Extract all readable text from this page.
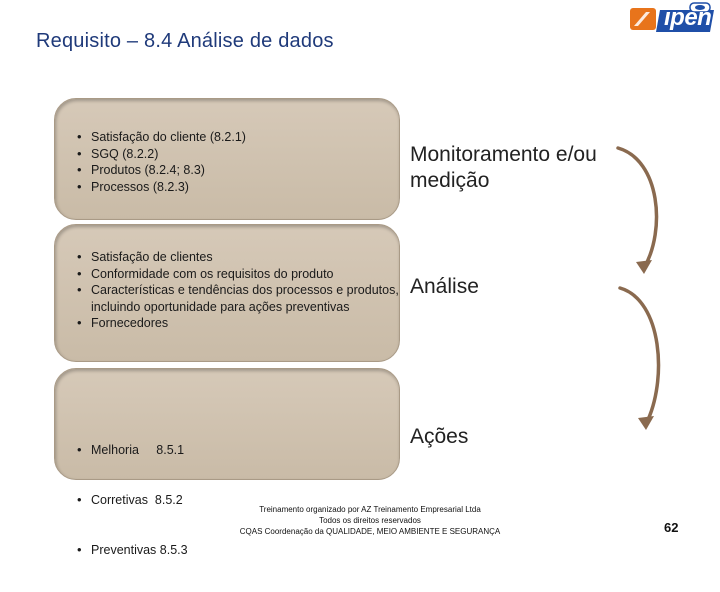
Requisito – 8.4 Análise de dados
ipen
• Satisfação do cliente (8.2.1)
• SGQ (8.2.2)
• Produtos (8.2.4; 8.3)
• Processos (8.2.3)
• Satisfação de clientes
• Conformidade com os requisitos do produto
• Características e tendências dos processos e produtos, incluindo oportunidade para ações preventivas
• Fornecedores

• Melhoria     8.5.1

• Corretivas  8.5.2

• Preventivas 8.5.3

Monitoramento e/ou medição
Análise
Ações
Treinamento organizado por AZ Treinamento Empresarial Ltda
Todos os direitos reservados
CQAS Coordenação da QUALIDADE, MEIO AMBIENTE E SEGURANÇA	62
